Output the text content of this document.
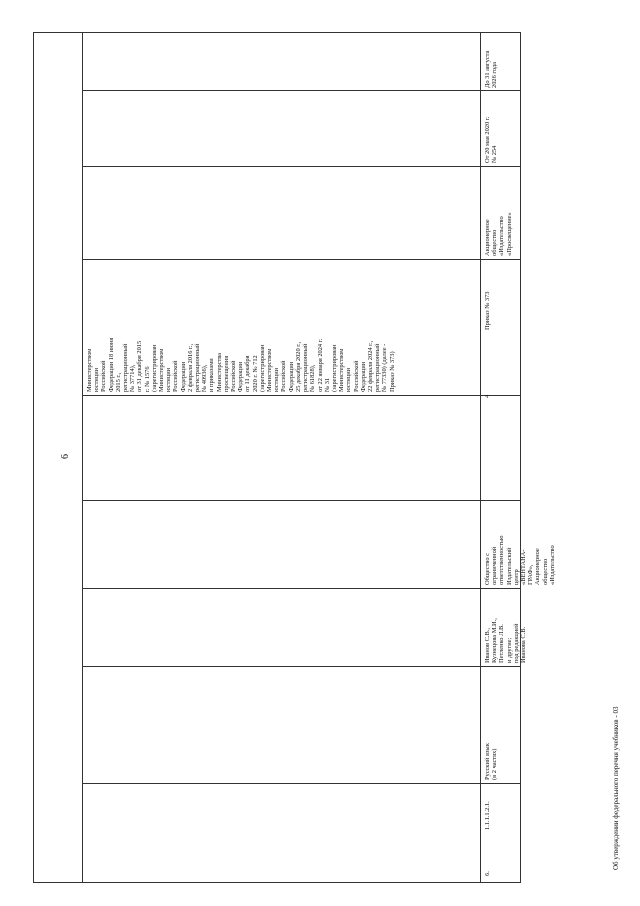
6
6.
1.1.1.1.2.1.
Русский язык
(в 2 частях)
Иванов С.В.,
Кузнецова М.И.,
Петленко Л.В.
и другие;
под редакцией
Иванова С.В.
Общество с
ограниченной
ответственностью
Издательский
центр
«ВЕНТАНА-
ГРАФ»,
Акционерное
общество
«Издательство
4
Министерством
юстиции
Российской
Федерации 18 июня
2015 г.,
регистрационный
№ 37714),
от 31 декабря 2015
г. № 1576
(зарегистрирован
Министерством
юстиции
Российской
Федерации
2 февраля 2016 г.,
регистрационный
№ 40936),
и приказами
Министерства
просвещения
Российской
Федерации
от 11 декабря
2020 г. № 712
(зарегистрирован
Министерством
юстиции
Российской
Федерации
25 декабря 2020 г.,
регистрационный
№ 61828),
от 22 января 2024 г.
№ 31
(зарегистрирован
Министерством
юстиции
Российской
Федерации
22 февраля 2024 г.,
регистрационный
№ 77330) (далее -
Приказ № 373)
Приказ № 373
Акционерное
общество
«Издательство
«Просвещение»
От 20 мая 2020 г.
№ 254
До 31 августа
2026 года
Об утверждении федерального перечня учебников - 03
